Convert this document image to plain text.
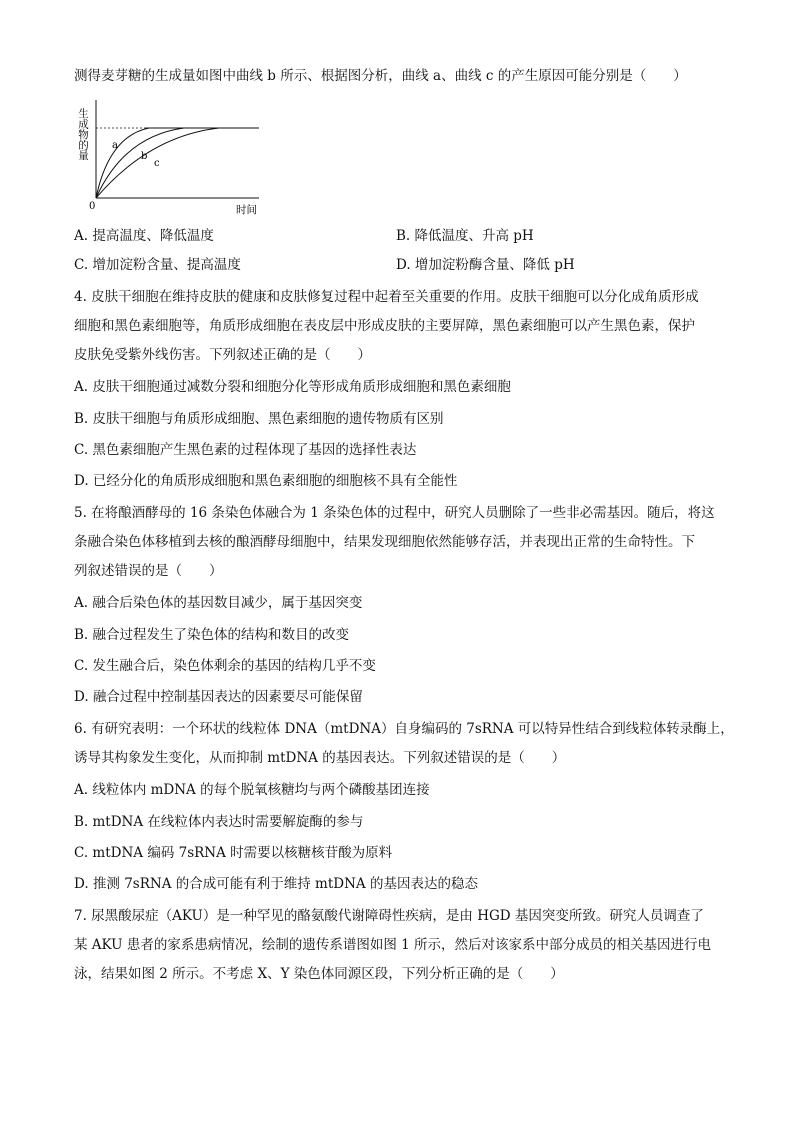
测得麦芽糖的生成量如图中曲线 b 所示、根据图分析，曲线 a、曲线 c 的产生原因可能分别是（　　）
生成物的量 a
b
c
0	时间
A. 提高温度、降低温度	B. 降低温度、升高 pH
C. 增加淀粉含量、提高温度	D. 增加淀粉酶含量、降低 pH
4. 皮肤干细胞在维持皮肤的健康和皮肤修复过程中起着至关重要的作用。皮肤干细胞可以分化成角质形成
细胞和黑色素细胞等，角质形成细胞在表皮层中形成皮肤的主要屏障，黑色素细胞可以产生黑色素，保护
皮肤免受紫外线伤害。下列叙述正确的是（　　）
A. 皮肤干细胞通过减数分裂和细胞分化等形成角质形成细胞和黑色素细胞
B. 皮肤干细胞与角质形成细胞、黑色素细胞的遗传物质有区别
C. 黑色素细胞产生黑色素的过程体现了基因的选择性表达
D. 已经分化的角质形成细胞和黑色素细胞的细胞核不具有全能性
5. 在将酿酒酵母的 16 条染色体融合为 1 条染色体的过程中，研究人员删除了一些非必需基因。随后，将这
条融合染色体移植到去核的酿酒酵母细胞中，结果发现细胞依然能够存活，并表现出正常的生命特性。下
列叙述错误的是（　　）
A. 融合后染色体的基因数目减少，属于基因突变
B. 融合过程发生了染色体的结构和数目的改变
C. 发生融合后，染色体剩余的基因的结构几乎不变
D. 融合过程中控制基因表达的因素要尽可能保留
6. 有研究表明：一个环状的线粒体 DNA（mtDNA）自身编码的 7sRNA 可以特异性结合到线粒体转录酶上，
诱导其构象发生变化，从而抑制 mtDNA 的基因表达。下列叙述错误的是（　　）
A. 线粒体内 mDNA 的每个脱氧核糖均与两个磷酸基团连接
B. mtDNA 在线粒体内表达时需要解旋酶的参与
C. mtDNA 编码 7sRNA 时需要以核糖核苷酸为原料
D. 推测 7sRNA 的合成可能有利于维持 mtDNA 的基因表达的稳态
7. 尿黑酸尿症（AKU）是一种罕见的酪氨酸代谢障碍性疾病，是由 HGD 基因突变所致。研究人员调查了
某 AKU 患者的家系患病情况，绘制的遗传系谱图如图 1 所示，然后对该家系中部分成员的相关基因进行电
泳，结果如图 2 所示。不考虑 X、Y 染色体同源区段，下列分析正确的是（　　）
